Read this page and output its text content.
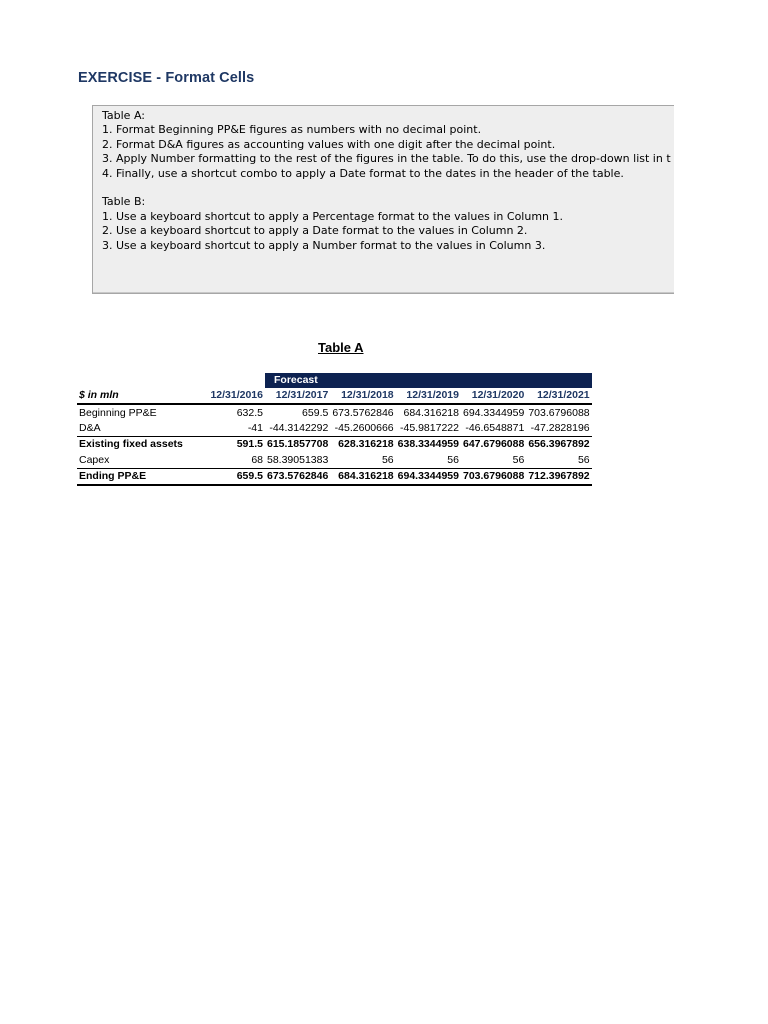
EXERCISE - Format Cells
Table A:
1. Format Beginning PP&E figures as numbers with no decimal point.
2. Format D&A figures as accounting values with one digit after the decimal point.
3. Apply Number formatting to the rest of the figures in the table. To do this, use the drop-down list in t
4. Finally, use a shortcut combo to apply a Date format to the dates in the header of the table.
Table B:
1. Use a keyboard shortcut to apply a Percentage format to the values in Column 1.
2. Use a keyboard shortcut to apply a Date format to the values in Column 2.
3. Use a keyboard shortcut to apply a Number format to the values in Column 3.
Table A
		Forecast				
$ in mln	12/31/2016	12/31/2017	12/31/2018	12/31/2019	12/31/2020	12/31/2021
Beginning PP&E	632.5	659.5	673.5762846	684.316218	694.3344959	703.6796088
D&A	-41	-44.3142292	-45.2600666	-45.9817222	-46.6548871	-47.2828196
Existing fixed assets	591.5	615.1857708	628.316218	638.3344959	647.6796088	656.3967892
Capex	68	58.39051383	56	56	56	56
Ending PP&E	659.5	673.5762846	684.316218	694.3344959	703.6796088	712.3967892
